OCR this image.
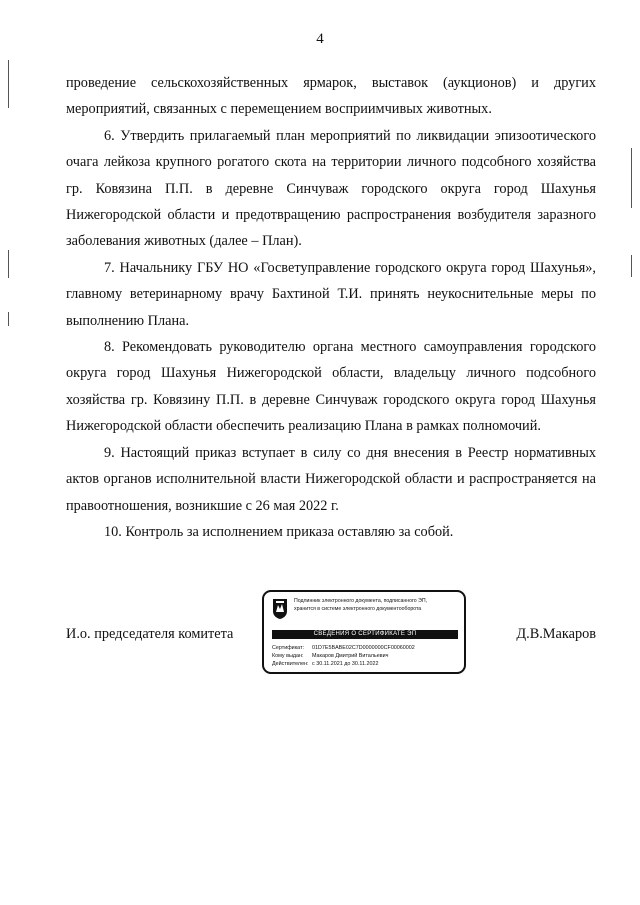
4

проведение сельскохозяйственных ярмарок, выставок (аукционов) и других мероприятий, связанных с перемещением восприимчивых животных.

6. Утвердить прилагаемый план мероприятий по ликвидации эпизоотического очага лейкоза крупного рогатого скота на территории личного подсобного хозяйства гр. Ковязина П.П. в деревне Синчуваж городского округа город Шахунья Нижегородской области и предотвращению распространения возбудителя заразного заболевания животных (далее – План).

7. Начальнику ГБУ НО «Госветуправление городского округа город Шахунья», главному ветеринарному врачу Бахтиной Т.И. принять неукоснительные меры по выполнению Плана.

8. Рекомендовать руководителю органа местного самоуправления городского округа город Шахунья Нижегородской области, владельцу личного подсобного хозяйства гр. Ковязину П.П. в деревне Синчуваж городского округа город Шахунья Нижегородской области обеспечить реализацию Плана в рамках полномочий.

9. Настоящий приказ вступает в силу со дня внесения в Реестр нормативных актов органов исполнительной власти Нижегородской области и распространяется на правоотношения, возникшие с 26 мая 2022 г.

10. Контроль за исполнением приказа оставляю за собой.

И.о. председателя комитета	Д.В.Макаров
Подлинник электронного документа, подписанного ЭП,
хранится в системе электронного документооборота
СВЕДЕНИЯ О СЕРТИФИКАТЕ ЭП
Сертификат: 01D7E5BABE02C7D0000000CF00060002
Кому выдан: Макаров Дмитрий Витальевич
Действителен: с 30.11.2021 до 30.11.2022
